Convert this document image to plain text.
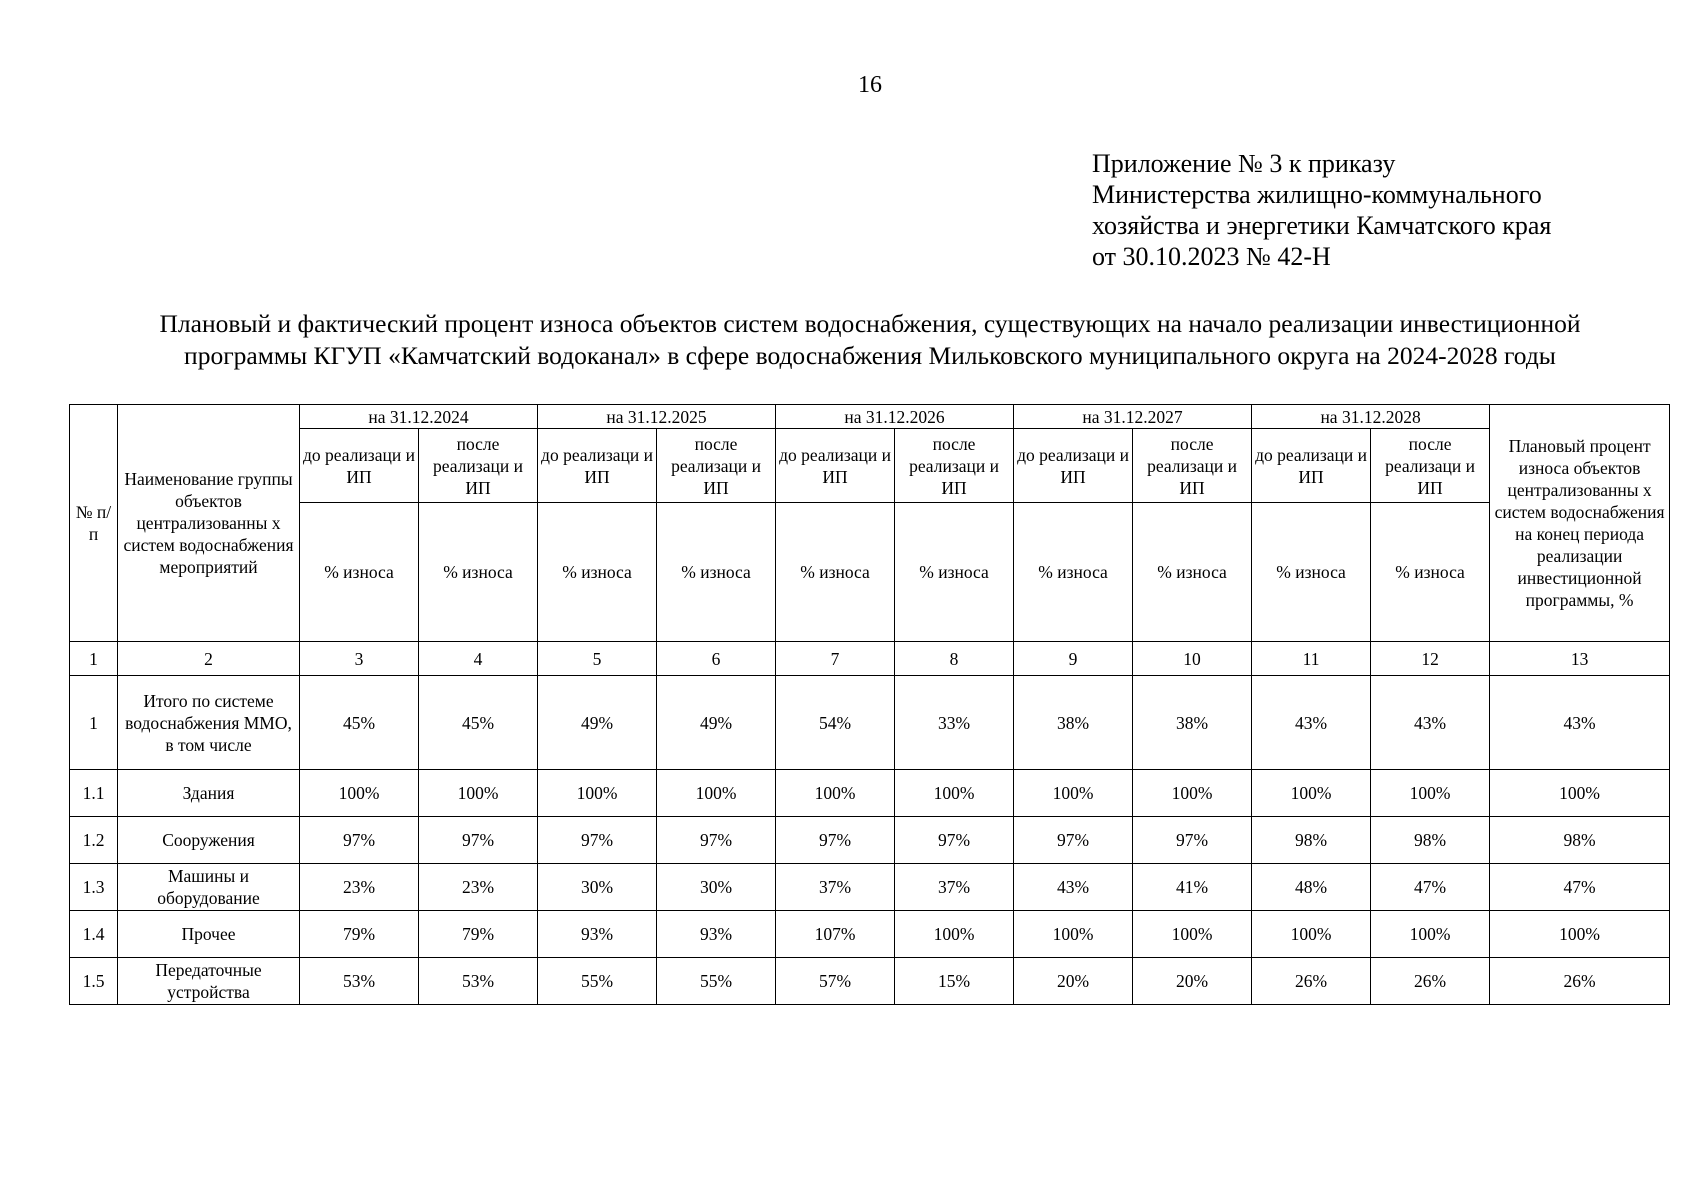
16
Приложение № 3 к приказу
Министерства жилищно-коммунального
хозяйства и энергетики Камчатского края
от 30.10.2023 № 42-Н
Плановый и фактический процент износа объектов систем водоснабжения, существующих на начало реализации инвестиционной
программы КГУП «Камчатский водоканал» в сфере водоснабжения Мильковского муниципального округа на 2024-2028 годы
№ п/ п	Наименование группы объектов централизованны х систем водоснабжения мероприятий	на 31.12.2024		на 31.12.2025		на 31.12.2026		на 31.12.2027		на 31.12.2028		Плановый процент износа объектов централизованны х систем водоснабжения на конец периода реализации инвестиционной программы, %
		до реализаци и ИП	после реализаци и ИП	до реализаци и ИП	после реализаци и ИП	до реализаци и ИП	после реализаци и ИП	до реализаци и ИП	после реализаци и ИП	до реализаци и ИП	после реализаци и ИП	
		% износа	% износа	% износа	% износа	% износа	% износа	% износа	% износа	% износа	% износа	
1	2	3	4	5	6	7	8	9	10	11	12	13
1	Итого по системе водоснабжения ММО, в том числе	45%	45%	49%	49%	54%	33%	38%	38%	43%	43%	43%
1.1	Здания	100%	100%	100%	100%	100%	100%	100%	100%	100%	100%	100%
1.2	Сооружения	97%	97%	97%	97%	97%	97%	97%	97%	98%	98%	98%
1.3	Машины и оборудование	23%	23%	30%	30%	37%	37%	43%	41%	48%	47%	47%
1.4	Прочее	79%	79%	93%	93%	107%	100%	100%	100%	100%	100%	100%
1.5	Передаточные устройства	53%	53%	55%	55%	57%	15%	20%	20%	26%	26%	26%
